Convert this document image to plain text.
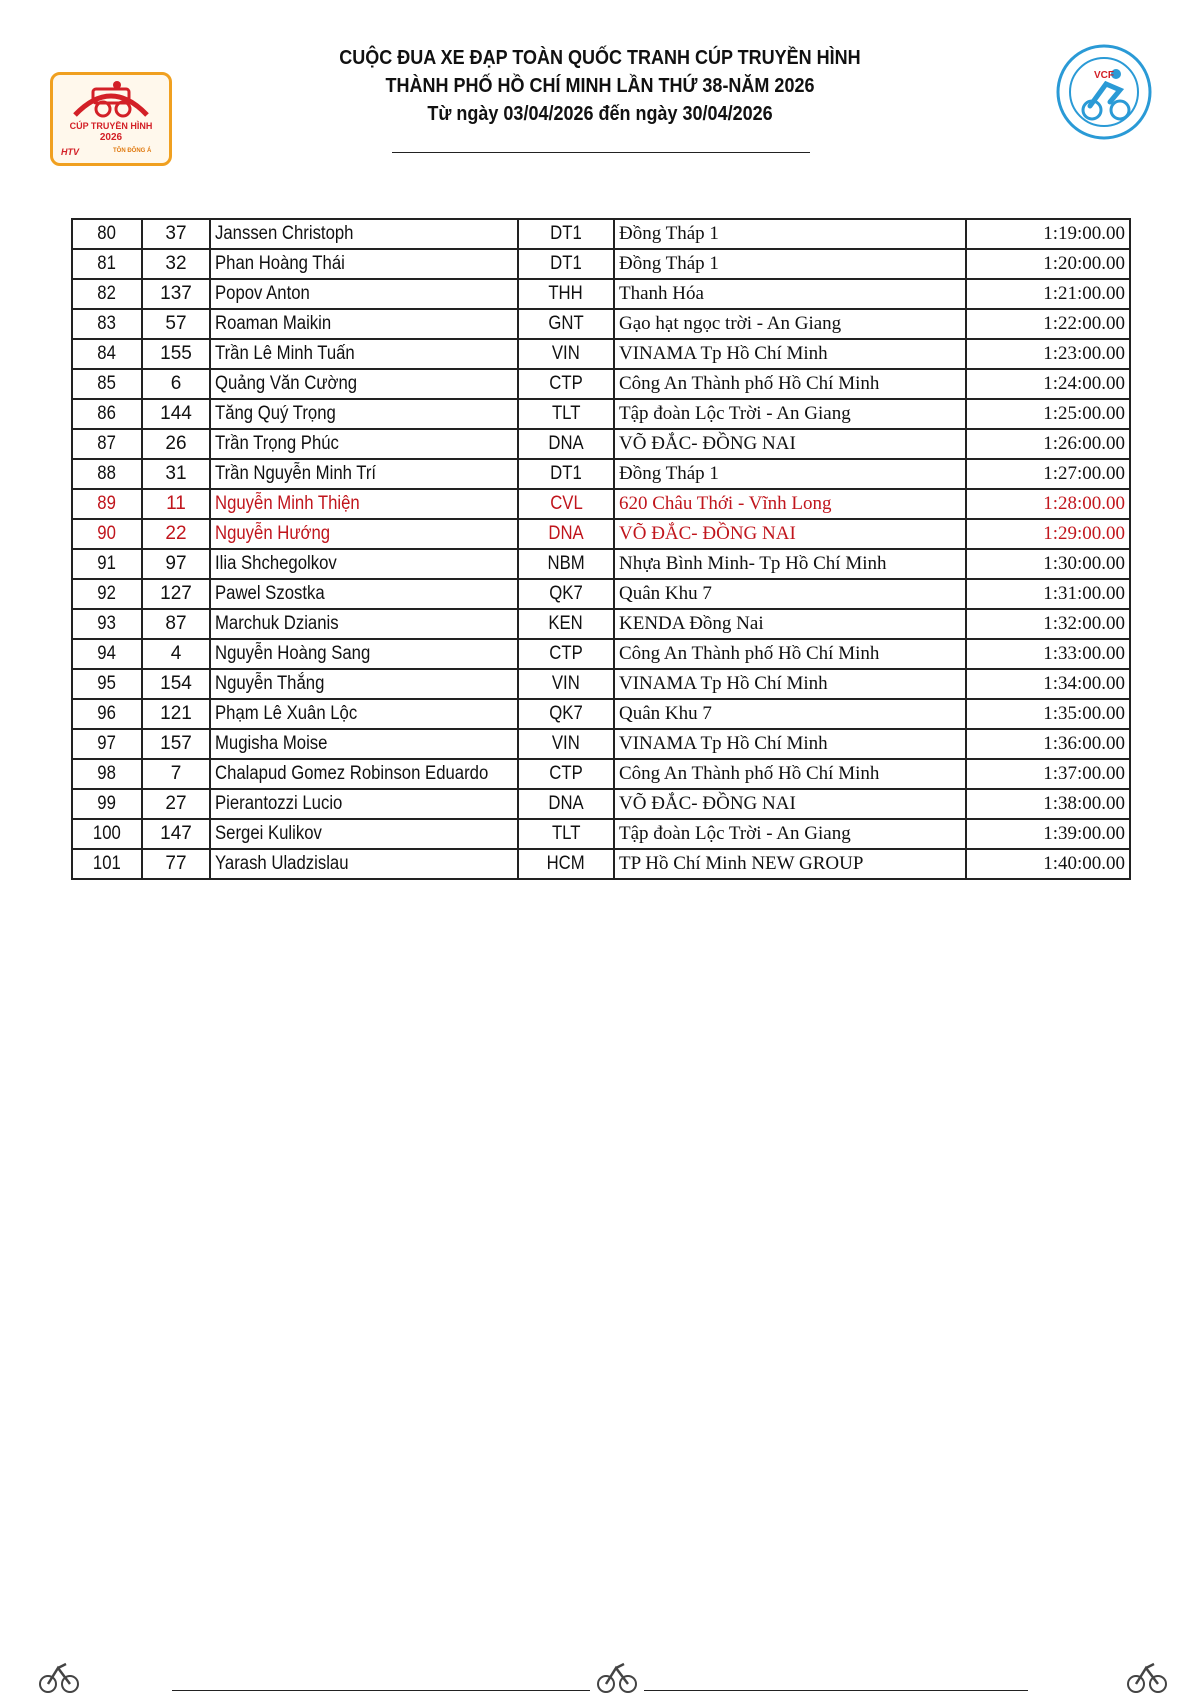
CÚP TRUYỀN HÌNH
2026
HTV	TÔN ĐÔNG Á
CUỘC ĐUA XE ĐẠP TOÀN QUỐC TRANH CÚP TRUYỀN HÌNH
THÀNH PHỐ HỒ CHÍ MINH LẦN THỨ 38-NĂM 2026
Từ ngày 03/04/2026 đến ngày 30/04/2026
VCF
80	37	Janssen Christoph	DT1	Đồng Tháp 1	1:19:00.00
81	32	Phan Hoàng Thái	DT1	Đồng Tháp 1	1:20:00.00
82	137	Popov Anton	THH	Thanh Hóa	1:21:00.00
83	57	Roaman Maikin	GNT	Gạo hạt ngọc trời - An Giang	1:22:00.00
84	155	Trần Lê Minh Tuấn	VIN	VINAMA Tp Hồ Chí Minh	1:23:00.00
85	6	Quảng Văn Cường	CTP	Công An Thành phố Hồ Chí Minh	1:24:00.00
86	144	Tăng Quý Trọng	TLT	Tập đoàn Lộc Trời - An Giang	1:25:00.00
87	26	Trần Trọng Phúc	DNA	VÕ ĐẮC- ĐỒNG NAI	1:26:00.00
88	31	Trần Nguyễn Minh Trí	DT1	Đồng Tháp 1	1:27:00.00
89	11	Nguyễn Minh Thiện	CVL	620 Châu Thới - Vĩnh Long	1:28:00.00
90	22	Nguyễn Hướng	DNA	VÕ ĐẮC- ĐỒNG NAI	1:29:00.00
91	97	Ilia Shchegolkov	NBM	Nhựa Bình Minh- Tp Hồ Chí Minh	1:30:00.00
92	127	Pawel Szostka	QK7	Quân Khu 7	1:31:00.00
93	87	Marchuk Dzianis	KEN	KENDA Đồng Nai	1:32:00.00
94	4	Nguyễn Hoàng Sang	CTP	Công An Thành phố Hồ Chí Minh	1:33:00.00
95	154	Nguyễn Thắng	VIN	VINAMA Tp Hồ Chí Minh	1:34:00.00
96	121	Phạm Lê Xuân Lộc	QK7	Quân Khu 7	1:35:00.00
97	157	Mugisha Moise	VIN	VINAMA Tp Hồ Chí Minh	1:36:00.00
98	7	Chalapud Gomez Robinson Eduardo	CTP	Công An Thành phố Hồ Chí Minh	1:37:00.00
99	27	Pierantozzi Lucio	DNA	VÕ ĐẮC- ĐỒNG NAI	1:38:00.00
100	147	Sergei Kulikov	TLT	Tập đoàn Lộc Trời - An Giang	1:39:00.00
101	77	Yarash Uladzislau	HCM	TP Hồ Chí Minh NEW GROUP	1:40:00.00
